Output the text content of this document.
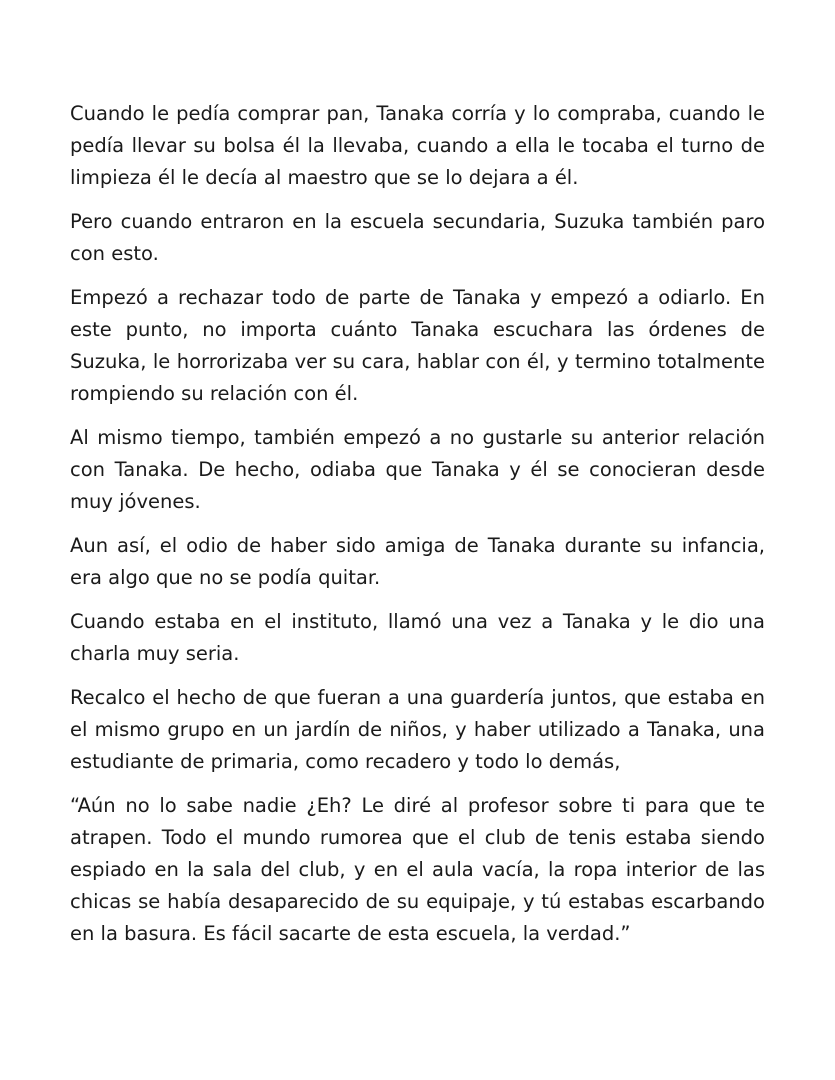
Cuando le pedía comprar pan, Tanaka corría y lo compraba, cuando le pedía llevar su bolsa él la llevaba, cuando a ella le tocaba el turno de limpieza él le decía al maestro que se lo dejara a él.

Pero cuando entraron en la escuela secundaria, Suzuka también paro con esto.

Empezó a rechazar todo de parte de Tanaka y empezó a odiarlo. En este punto, no importa cuánto Tanaka escuchara las órdenes de Suzuka, le horrorizaba ver su cara, hablar con él, y termino totalmente rompiendo su relación con él.

Al mismo tiempo, también empezó a no gustarle su anterior relación con Tanaka. De hecho, odiaba que Tanaka y él se conocieran desde muy jóvenes.

Aun así, el odio de haber sido amiga de Tanaka durante su infancia, era algo que no se podía quitar.

Cuando estaba en el instituto, llamó una vez a Tanaka y le dio una charla muy seria.

Recalco el hecho de que fueran a una guardería juntos, que estaba en el mismo grupo en un jardín de niños, y haber utilizado a Tanaka, una estudiante de primaria, como recadero y todo lo demás,

“Aún no lo sabe nadie ¿Eh? Le diré al profesor sobre ti para que te atrapen. Todo el mundo rumorea que el club de tenis estaba siendo espiado en la sala del club, y en el aula vacía, la ropa interior de las chicas se había desaparecido de su equipaje, y tú estabas escarbando en la basura. Es fácil sacarte de esta escuela, la verdad.”
